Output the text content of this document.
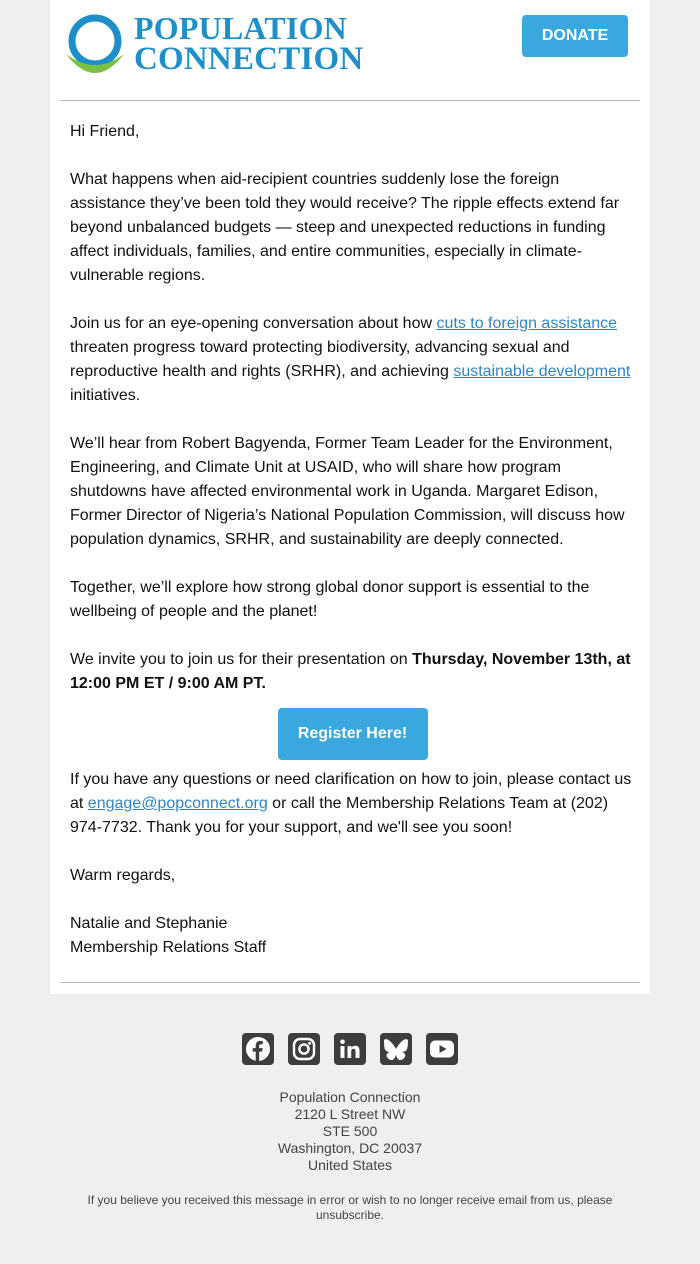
POPULATION
CONNECTION
DONATE

Hi Friend,

What happens when aid-recipient countries suddenly lose the foreign assistance they’ve been told they would receive? The ripple effects extend far beyond unbalanced budgets — steep and unexpected reductions in funding affect individuals, families, and entire communities, especially in climate-vulnerable regions.

Join us for an eye-opening conversation about how cuts to foreign assistance threaten progress toward protecting biodiversity, advancing sexual and reproductive health and rights (SRHR), and achieving sustainable development initiatives.

We’ll hear from Robert Bagyenda, Former Team Leader for the Environment, Engineering, and Climate Unit at USAID, who will share how program shutdowns have affected environmental work in Uganda. Margaret Edison, Former Director of Nigeria’s National Population Commission, will discuss how population dynamics, SRHR, and sustainability are deeply connected.

Together, we’ll explore how strong global donor support is essential to the wellbeing of people and the planet!

We invite you to join us for their presentation on Thursday, November 13th, at 12:00 PM ET / 9:00 AM PT.

Register Here!

If you have any questions or need clarification on how to join, please contact us at engage@popconnect.org or call the Membership Relations Team at (202) 974-7732. Thank you for your support, and we'll see you soon!

Warm regards,

Natalie and Stephanie

Membership Relations Staff

Population Connection
2120 L Street NW
STE 500
Washington, DC 20037
United States
If you believe you received this message in error or wish to no longer receive email from us, please unsubscribe.
